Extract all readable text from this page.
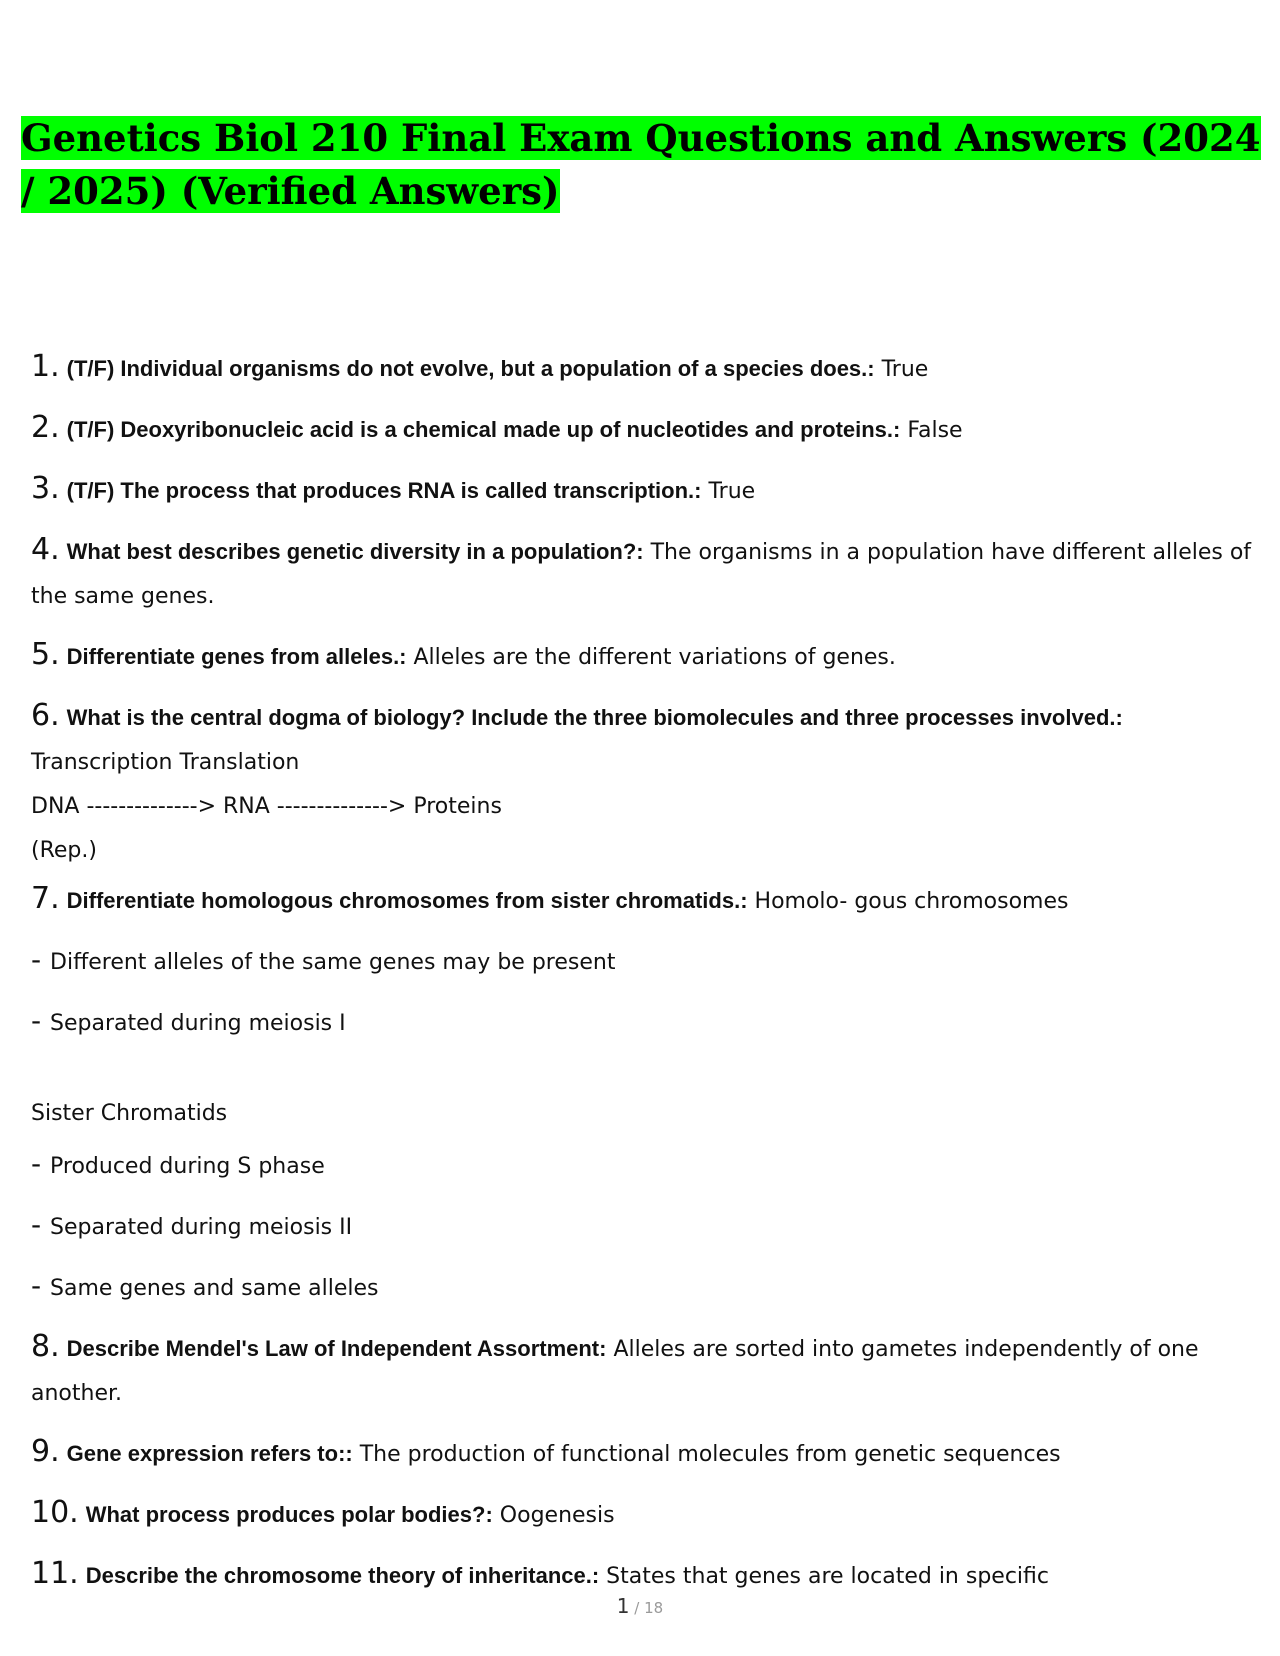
Genetics Biol 210 Final Exam Questions and Answers (2024 / 2025) (Verified Answers)
1. (T/F) Individual organisms do not evolve, but a population of a species does.: True
2. (T/F) Deoxyribonucleic acid is a chemical made up of nucleotides and proteins.: False
3. (T/F) The process that produces RNA is called transcription.: True
4. What best describes genetic diversity in a population?: The organisms in a population have different alleles of the same genes.
5. Differentiate genes from alleles.: Alleles are the different variations of genes.
6. What is the central dogma of biology? Include the three biomolecules and three processes involved.: Transcription Translation
DNA --------------> RNA --------------> Proteins
(Rep.)
7. Differentiate homologous chromosomes from sister chromatids.: Homolo- gous chromosomes
- Different alleles of the same genes may be present
- Separated during meiosis I
Sister Chromatids
- Produced during S phase
- Separated during meiosis II
- Same genes and same alleles
8. Describe Mendel's Law of Independent Assortment: Alleles are sorted into gametes independently of one another.
9. Gene expression refers to:: The production of functional molecules from genetic sequences
10. What process produces polar bodies?: Oogenesis
11. Describe the chromosome theory of inheritance.: States that genes are located in specific
1 / 18
